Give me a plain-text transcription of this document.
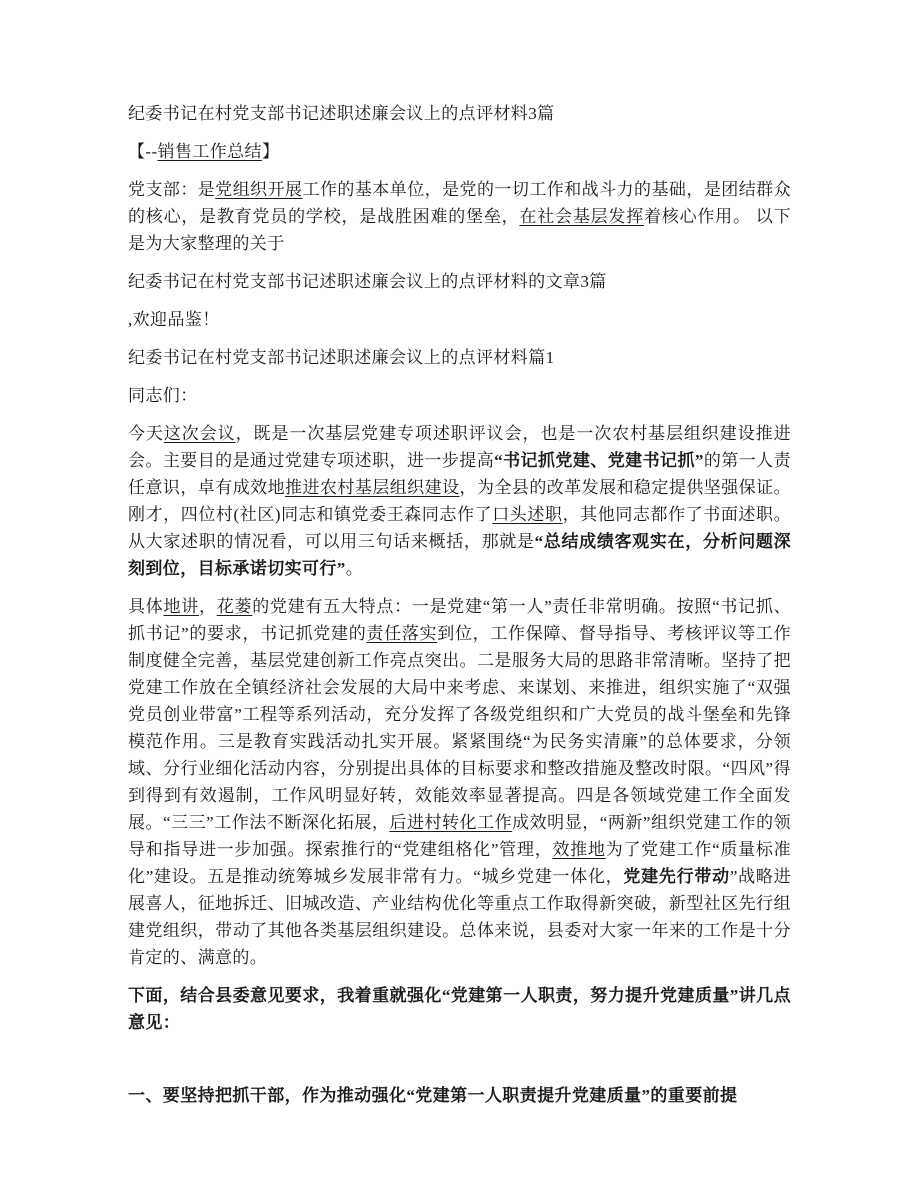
纪委书记在村党支部书记述职述廉会议上的点评材料3篇

【--销售工作总结】

党支部：是党组织开展工作的基本单位，是党的一切工作和战斗力的基础，是团结群众的核心，是教育党员的学校，是战胜困难的堡垒，在社会基层发挥着核心作用。 以下是为大家整理的关于

纪委书记在村党支部书记述职述廉会议上的点评材料的文章3篇

,欢迎品鉴！

纪委书记在村党支部书记述职述廉会议上的点评材料篇1

同志们：

今天这次会议，既是一次基层党建专项述职评议会，也是一次农村基层组织建设推进会。主要目的是通过党建专项述职，进一步提高“书记抓党建、党建书记抓”的第一人责任意识，卓有成效地推进农村基层组织建设，为全县的改革发展和稳定提供坚强保证。刚才，四位村(社区)同志和镇党委王森同志作了口头述职，其他同志都作了书面述职。从大家述职的情况看，可以用三句话来概括，那就是“总结成绩客观实在，分析问题深刻到位，目标承诺切实可行”。

具体地讲，花蒌的党建有五大特点：一是党建“第一人”责任非常明确。按照“书记抓、抓书记”的要求，书记抓党建的责任落实到位，工作保障、督导指导、考核评议等工作制度健全完善，基层党建创新工作亮点突出。二是服务大局的思路非常清晰。坚持了把党建工作放在全镇经济社会发展的大局中来考虑、来谋划、来推进，组织实施了“双强党员创业带富”工程等系列活动，充分发挥了各级党组织和广大党员的战斗堡垒和先锋模范作用。三是教育实践活动扎实开展。紧紧围绕“为民务实清廉”的总体要求，分领域、分行业细化活动内容，分别提出具体的目标要求和整改措施及整改时限。“四风”得到得到有效遏制，工作风明显好转，效能效率显著提高。四是各领域党建工作全面发展。“三三”工作法不断深化拓展，后进村转化工作成效明显，“两新”组织党建工作的领导和指导进一步加强。探索推行的“党建组格化”管理，效推地为了党建工作“质量标准化”建设。五是推动统筹城乡发展非常有力。“城乡党建一体化，党建先行带动”战略进展喜人，征地拆迁、旧城改造、产业结构优化等重点工作取得新突破，新型社区先行组建党组织，带动了其他各类基层组织建设。总体来说，县委对大家一年来的工作是十分肯定的、满意的。

下面，结合县委意见要求，我着重就强化“党建第一人职责，努力提升党建质量”讲几点意见：

一、要坚持把抓干部，作为推动强化“党建第一人职责提升党建质量”的重要前提
